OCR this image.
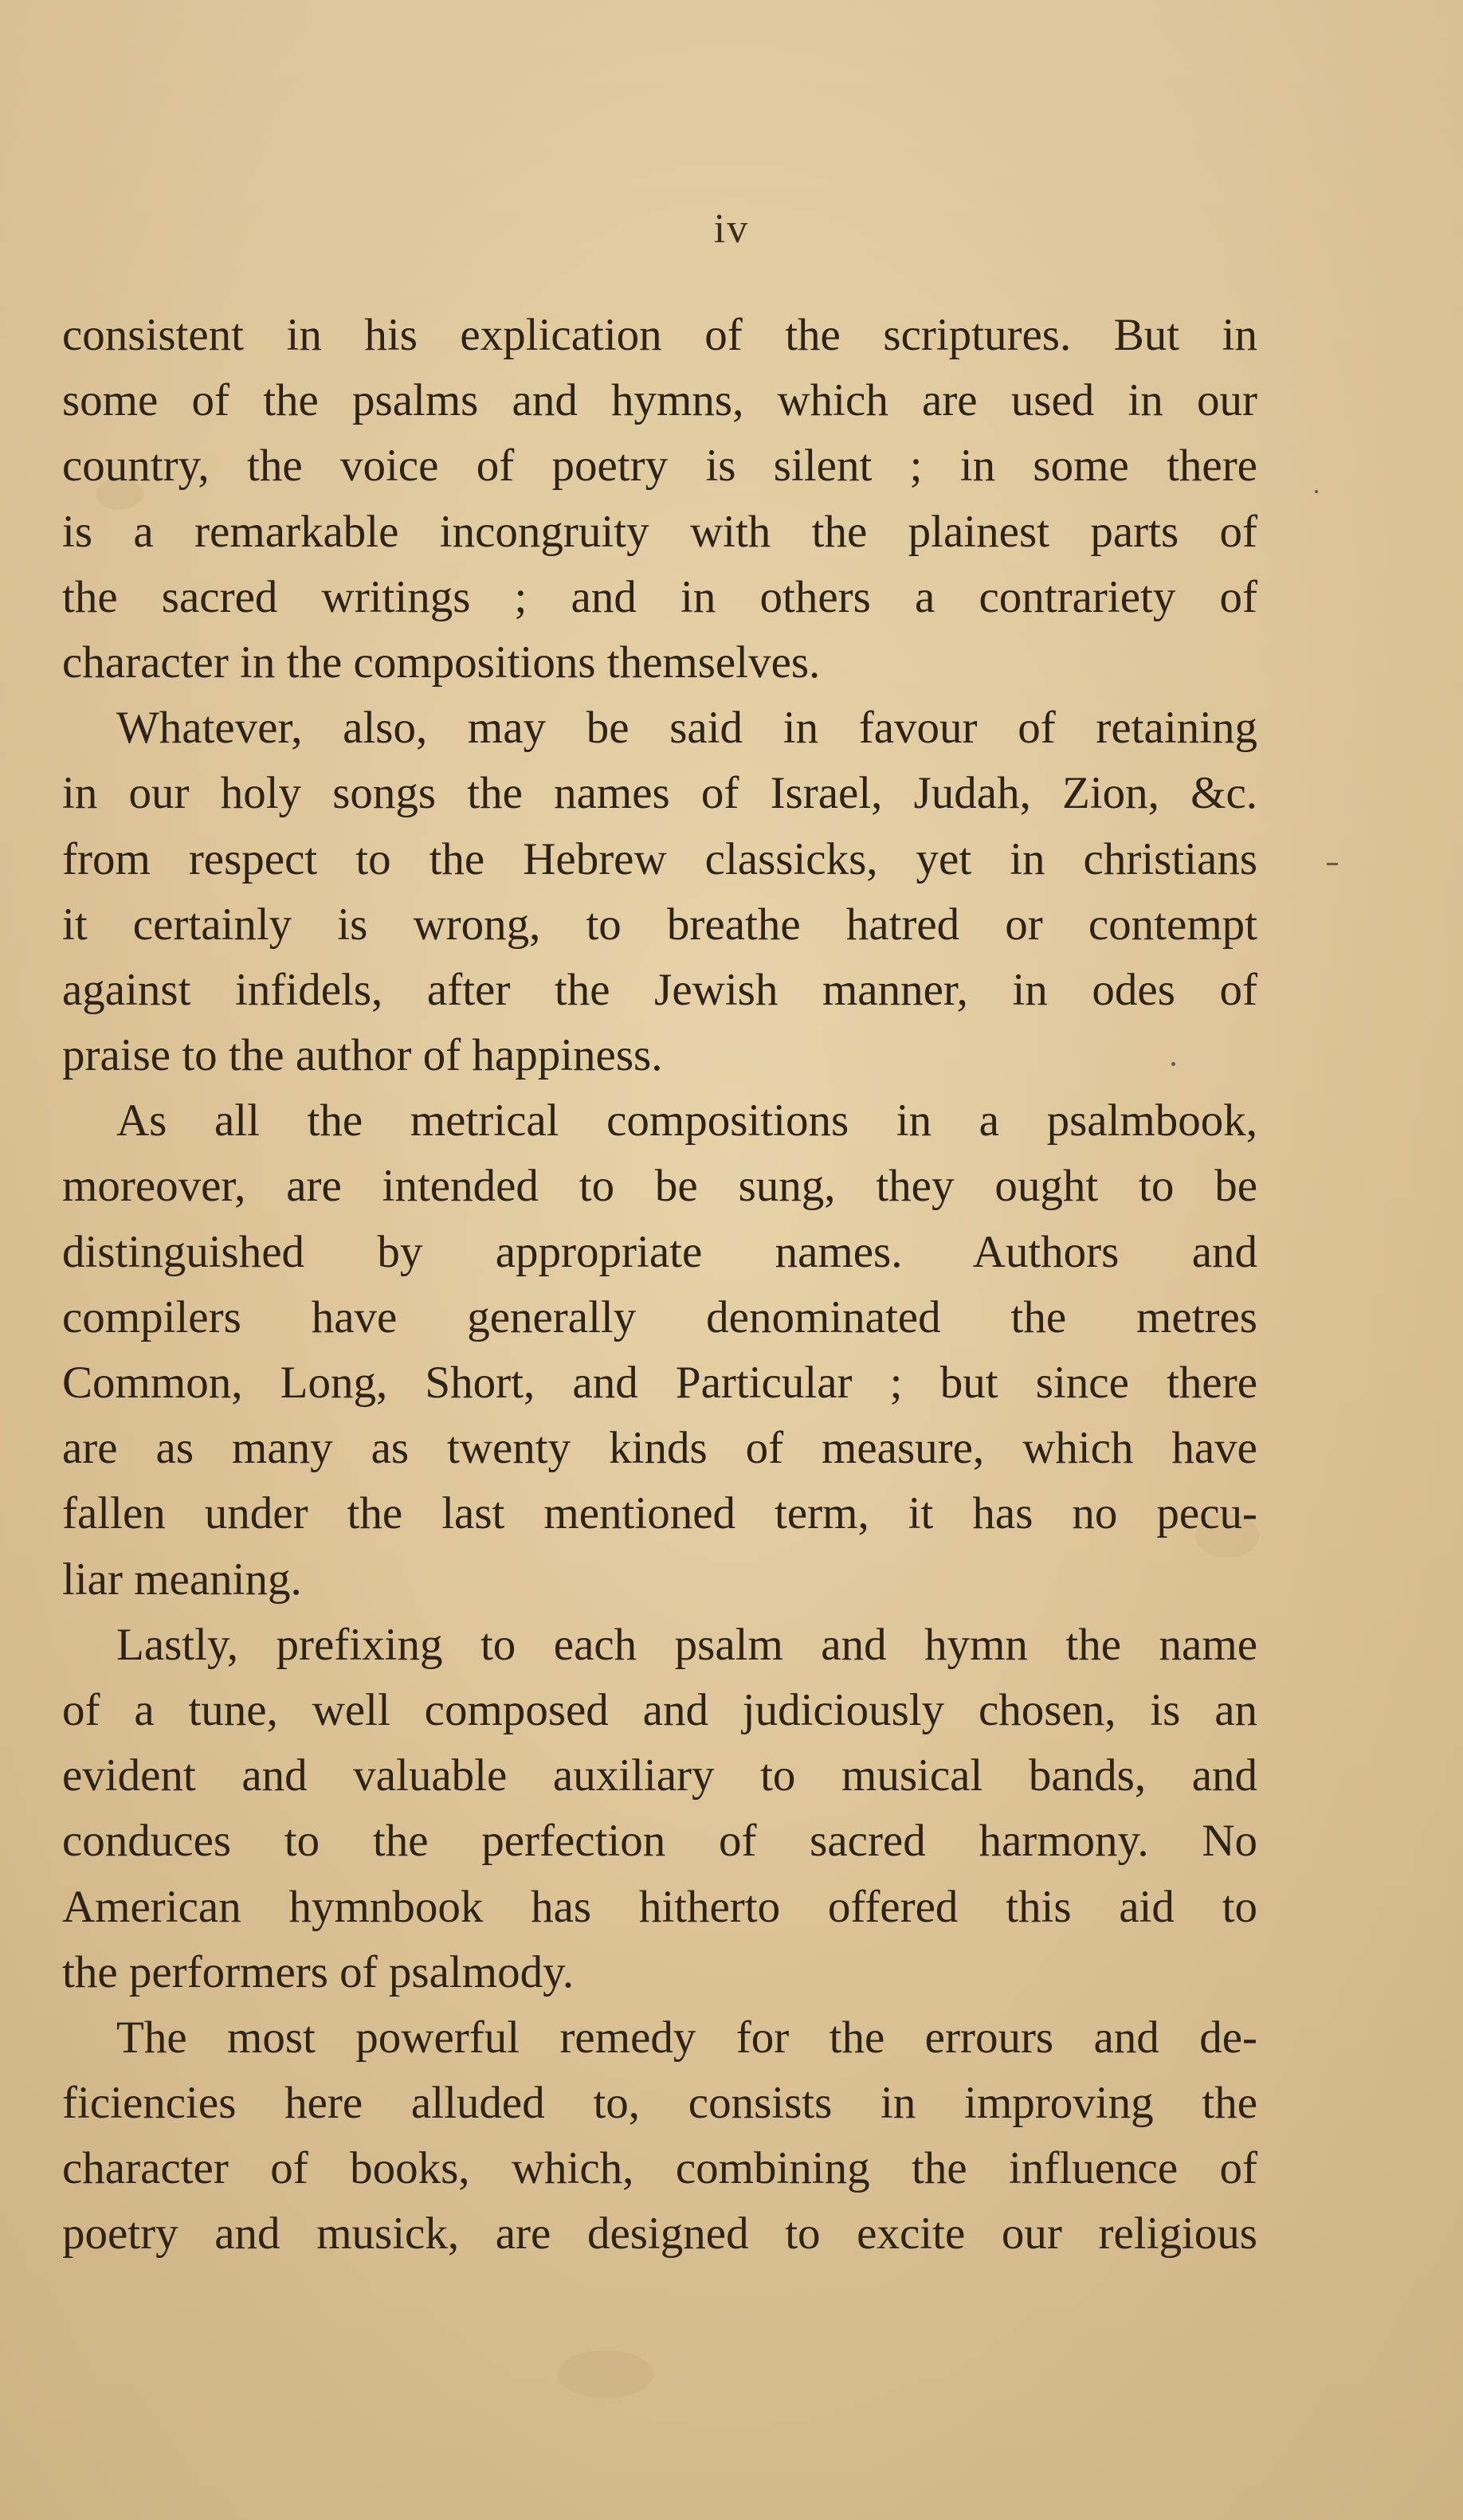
iv
consistent in his explication of the scriptures. But in
some of the psalms and hymns, which are used in our
country, the voice of poetry is silent ; in some there
is a remarkable incongruity with the plainest parts of
the sacred writings ; and in others a contrariety of
character in the compositions themselves.
Whatever, also, may be said in favour of retaining
in our holy songs the names of Israel, Judah, Zion, &c.
from respect to the Hebrew classicks, yet in christians
it certainly is wrong, to breathe hatred or contempt
against infidels, after the Jewish manner, in odes of
praise to the author of happiness.
As all the metrical compositions in a psalmbook,
moreover, are intended to be sung, they ought to be
distinguished by appropriate names. Authors and
compilers have generally denominated the metres
Common, Long, Short, and Particular ; but since there
are as many as twenty kinds of measure, which have
fallen under the last mentioned term, it has no pecu-
liar meaning.
Lastly, prefixing to each psalm and hymn the name
of a tune, well composed and judiciously chosen, is an
evident and valuable auxiliary to musical bands, and
conduces to the perfection of sacred harmony. No
American hymnbook has hitherto offered this aid to
the performers of psalmody.
The most powerful remedy for the errours and de-
ficiencies here alluded to, consists in improving the
character of books, which, combining the influence of
poetry and musick, are designed to excite our religious
